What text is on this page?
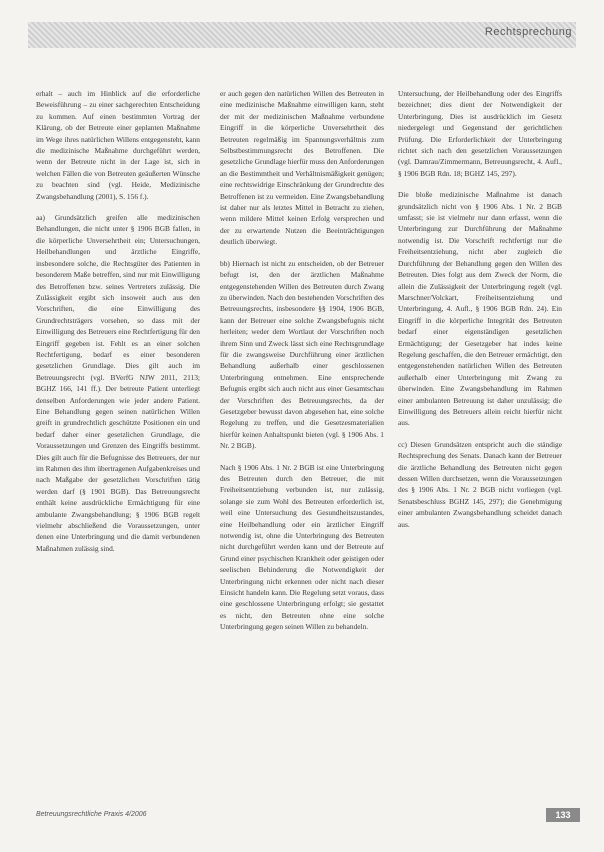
Rechtsprechung

erhalt – auch im Hinblick auf die erforderliche Beweisführung – zu einer sachgerechten Entscheidung zu kommen. Auf einen bestimmten Vortrag der Klärung, ob der Betreute einer geplanten Maßnahme im Wege ihres natürlichen Willens entgegensteht, kann die medizinische Maßnahme durchgeführt werden, wenn der Betreute nicht in der Lage ist, sich in welchen Fällen die von Betreuten geäußerten Wünsche zu beachten sind (vgl. Heide, Medizinische Zwangsbehandlung (2001), S. 156 f.).

aa) Grundsätzlich greifen alle medizinischen Behandlungen, die nicht unter § 1906 BGB fallen, in die körperliche Unversehrtheit ein; Untersuchungen, Heilbehandlungen und ärztliche Eingriffe, insbesondere solche, die Rechtsgüter des Patienten in besonderem Maße betreffen, sind nur mit Einwilligung des Betroffenen bzw. seines Vertreters zulässig. Die Zulässigkeit ergibt sich insoweit auch aus den Vorschriften, die eine Einwilligung des Grundrechtsträgers vorsehen, so dass mit der Einwilligung des Betreuers eine Rechtfertigung für den Eingriff gegeben ist. Fehlt es an einer solchen Rechtfertigung, bedarf es einer besonderen gesetzlichen Grundlage. Dies gilt auch im Betreuungsrecht (vgl. BVerfG NJW 2011, 2113; BGHZ 166, 141 ff.). Der betreute Patient unterliegt denselben Anforderungen wie jeder andere Patient. Eine Behandlung gegen seinen natürlichen Willen greift in grundrechtlich geschützte Positionen ein und bedarf daher einer gesetzlichen Grundlage, die Voraussetzungen und Grenzen des Eingriffs bestimmt. Dies gilt auch für die Befugnisse des Betreuers, der nur im Rahmen des ihm übertragenen Aufgabenkreises und nach Maßgabe der gesetzlichen Vorschriften tätig werden darf (§ 1901 BGB). Das Betreuungsrecht enthält keine ausdrückliche Ermächtigung für eine ambulante Zwangsbehandlung; § 1906 BGB regelt vielmehr abschließend die Voraussetzungen, unter denen eine Unterbringung und die damit verbundenen Maßnahmen zulässig sind.

er auch gegen den natürlichen Willen des Betreuten in eine medizinische Maßnahme einwilligen kann, steht der mit der medizinischen Maßnahme verbundene Eingriff in die körperliche Unversehrtheit des Betreuten regelmäßig im Spannungsverhältnis zum Selbstbestimmungsrecht des Betroffenen. Die gesetzliche Grundlage hierfür muss den Anforderungen an die Bestimmtheit und Verhältnismäßigkeit genügen; eine rechtswidrige Einschränkung der Grundrechte des Betroffenen ist zu vermeiden. Eine Zwangsbehandlung ist daher nur als letztes Mittel in Betracht zu ziehen, wenn mildere Mittel keinen Erfolg versprechen und der zu erwartende Nutzen die Beeinträchtigungen deutlich überwiegt.

bb) Hiernach ist nicht zu entscheiden, ob der Betreuer befugt ist, den der ärztlichen Maßnahme entgegenstehenden Willen des Betreuten durch Zwang zu überwinden. Nach den bestehenden Vorschriften des Betreuungsrechts, insbesondere §§ 1904, 1906 BGB, kann der Betreuer eine solche Zwangsbefugnis nicht herleiten; weder dem Wortlaut der Vorschriften noch ihrem Sinn und Zweck lässt sich eine Rechtsgrundlage für die zwangsweise Durchführung einer ärztlichen Behandlung außerhalb einer geschlossenen Unterbringung entnehmen. Eine entsprechende Befugnis ergibt sich auch nicht aus einer Gesamtschau der Vorschriften des Betreuungsrechts, da der Gesetzgeber bewusst davon abgesehen hat, eine solche Regelung zu treffen, und die Gesetzesmaterialien hierfür keinen Anhaltspunkt bieten (vgl. § 1906 Abs. 1 Nr. 2 BGB).

Nach § 1906 Abs. 1 Nr. 2 BGB ist eine Unterbringung des Betreuten durch den Betreuer, die mit Freiheitsentziehung verbunden ist, nur zulässig, solange sie zum Wohl des Betreuten erforderlich ist, weil eine Untersuchung des Gesundheitszustandes, eine Heilbehandlung oder ein ärztlicher Eingriff notwendig ist, ohne die Unterbringung des Betreuten nicht durchgeführt werden kann und der Betreute auf Grund einer psychischen Krankheit oder geistigen oder seelischen Behinderung die Notwendigkeit der Unterbringung nicht erkennen oder nicht nach dieser Einsicht handeln kann. Die Regelung setzt voraus, dass eine geschlossene Unterbringung erfolgt; sie gestattet es nicht, den Betreuten ohne eine solche Unterbringung gegen seinen Willen zu behandeln.

Untersuchung, der Heilbehandlung oder des Eingriffs bezeichnet; dies dient der Notwendigkeit der Unterbringung. Dies ist ausdrücklich im Gesetz niedergelegt und Gegenstand der gerichtlichen Prüfung. Die Erforderlichkeit der Unterbringung richtet sich nach den gesetzlichen Voraussetzungen (vgl. Damrau/Zimmermann, Betreuungsrecht, 4. Aufl., § 1906 BGB Rdn. 18; BGHZ 145, 297).

Die bloße medizinische Maßnahme ist danach grundsätzlich nicht von § 1906 Abs. 1 Nr. 2 BGB umfasst; sie ist vielmehr nur dann erfasst, wenn die Unterbringung zur Durchführung der Maßnahme notwendig ist. Die Vorschrift rechtfertigt nur die Freiheitsentziehung, nicht aber zugleich die Durchführung der Behandlung gegen den Willen des Betreuten. Dies folgt aus dem Zweck der Norm, die allein die Zulässigkeit der Unterbringung regelt (vgl. Marschner/Volckart, Freiheitsentziehung und Unterbringung, 4. Aufl., § 1906 BGB Rdn. 24). Ein Eingriff in die körperliche Integrität des Betreuten bedarf einer eigenständigen gesetzlichen Ermächtigung; der Gesetzgeber hat indes keine Regelung geschaffen, die den Betreuer ermächtigt, den entgegenstehenden natürlichen Willen des Betreuten außerhalb einer Unterbringung mit Zwang zu überwinden. Eine Zwangsbehandlung im Rahmen einer ambulanten Betreuung ist daher unzulässig; die Einwilligung des Betreuers allein reicht hierfür nicht aus.

cc) Diesen Grundsätzen entspricht auch die ständige Rechtsprechung des Senats. Danach kann der Betreuer die ärztliche Behandlung des Betreuten nicht gegen dessen Willen durchsetzen, wenn die Voraussetzungen des § 1906 Abs. 1 Nr. 2 BGB nicht vorliegen (vgl. Senatsbeschluss BGHZ 145, 297); die Genehmigung einer ambulanten Zwangsbehandlung scheidet danach aus.

Betreuungsrechtliche Praxis 4/2006	133
